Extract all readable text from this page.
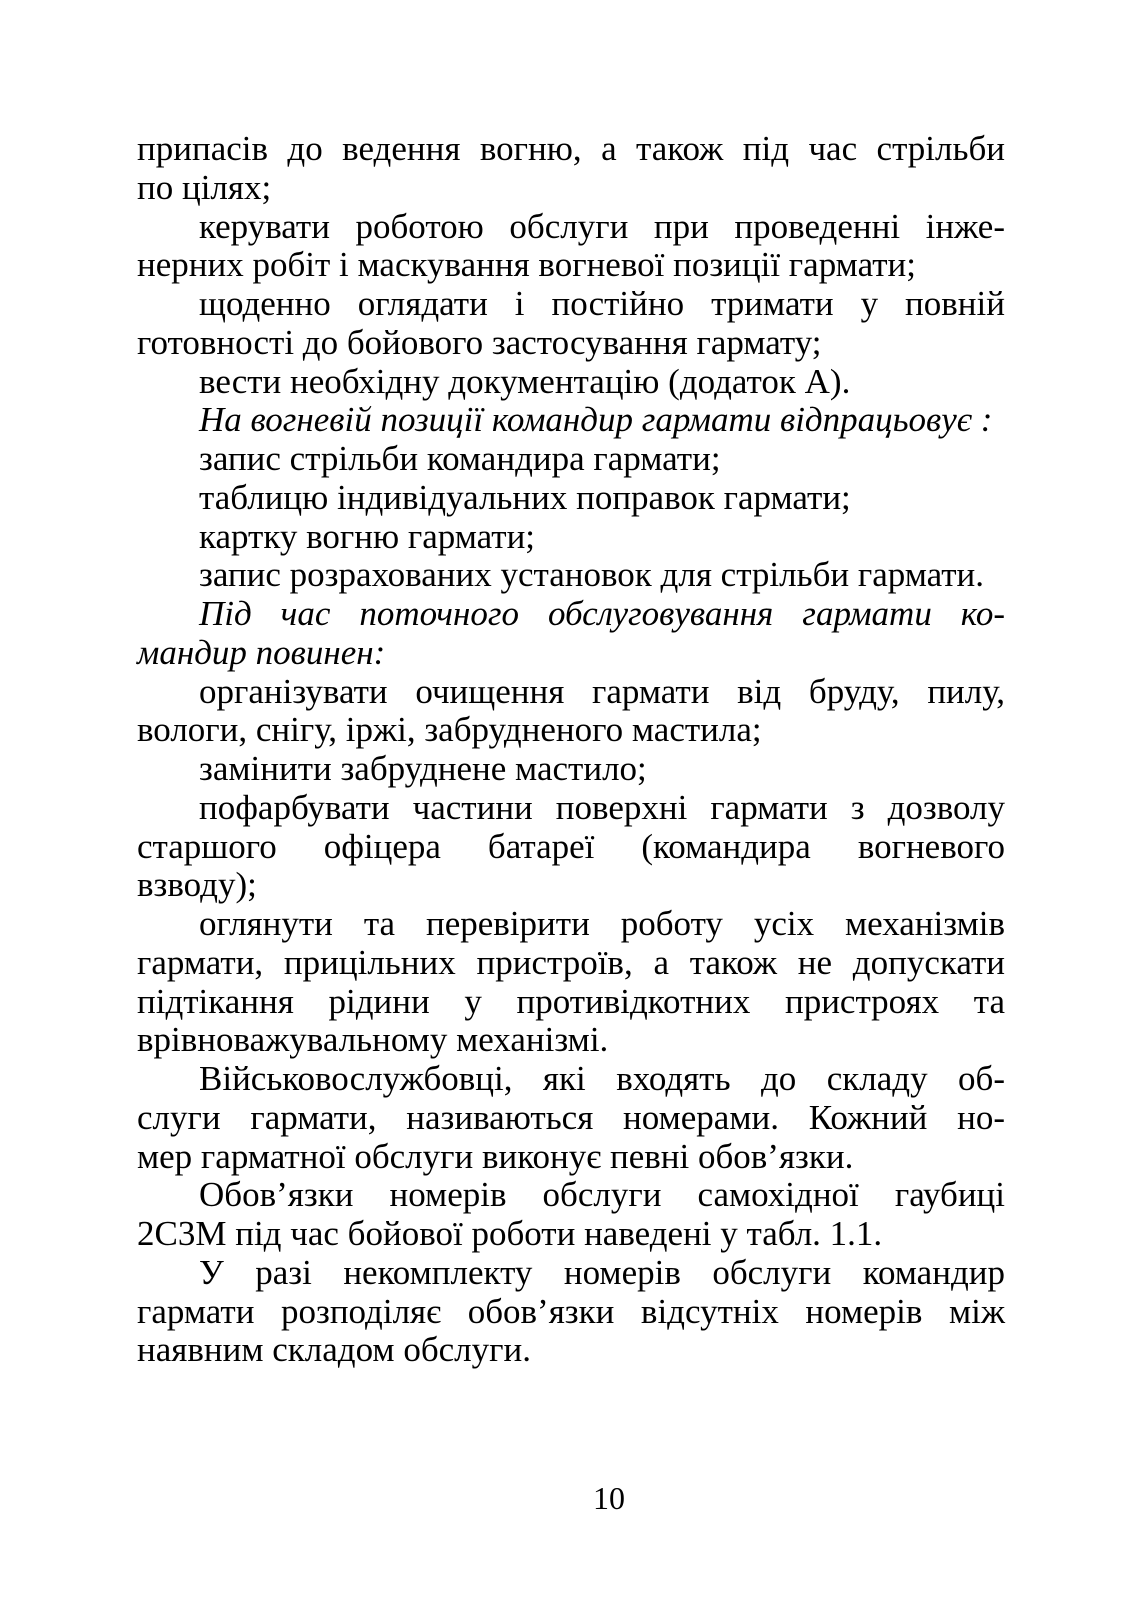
припасів до ведення вогню, а також під час стрільби
по цілях;
керувати роботою обслуги при проведенні інже-
нерних робіт і маскування вогневої позиції гармати;
щоденно оглядати і постійно тримати у повній
готовності до бойового застосування гармату;
вести необхідну документацію (додаток А).
На вогневій позиції командир гармати відпрацьовує :
запис стрільби командира гармати;
таблицю індивідуальних поправок гармати;
картку вогню гармати;
запис розрахованих установок для стрільби гармати.
Під час поточного обслуговування гармати ко-
мандир повинен:
організувати очищення гармати від бруду, пилу,
вологи, снігу, іржі, забрудненого мастила;
замінити забруднене мастило;
пофарбувати частини поверхні гармати з дозволу
старшого офіцера батареї (командира вогневого
взводу);
оглянути та перевірити роботу усіх механізмів
гармати, прицільних пристроїв, а також не допускати
підтікання рідини у противідкотних пристроях та
врівноважувальному механізмі.
Військовослужбовці, які входять до складу об-
слуги гармати, називаються номерами. Кожний но-
мер гарматної обслуги виконує певні обов’язки.
Обов’язки номерів обслуги самохідної гаубиці
2С3М під час бойової роботи наведені у табл. 1.1.
У разі некомплекту номерів обслуги командир
гармати розподіляє обов’язки відсутніх номерів між
наявним складом обслуги.
10
